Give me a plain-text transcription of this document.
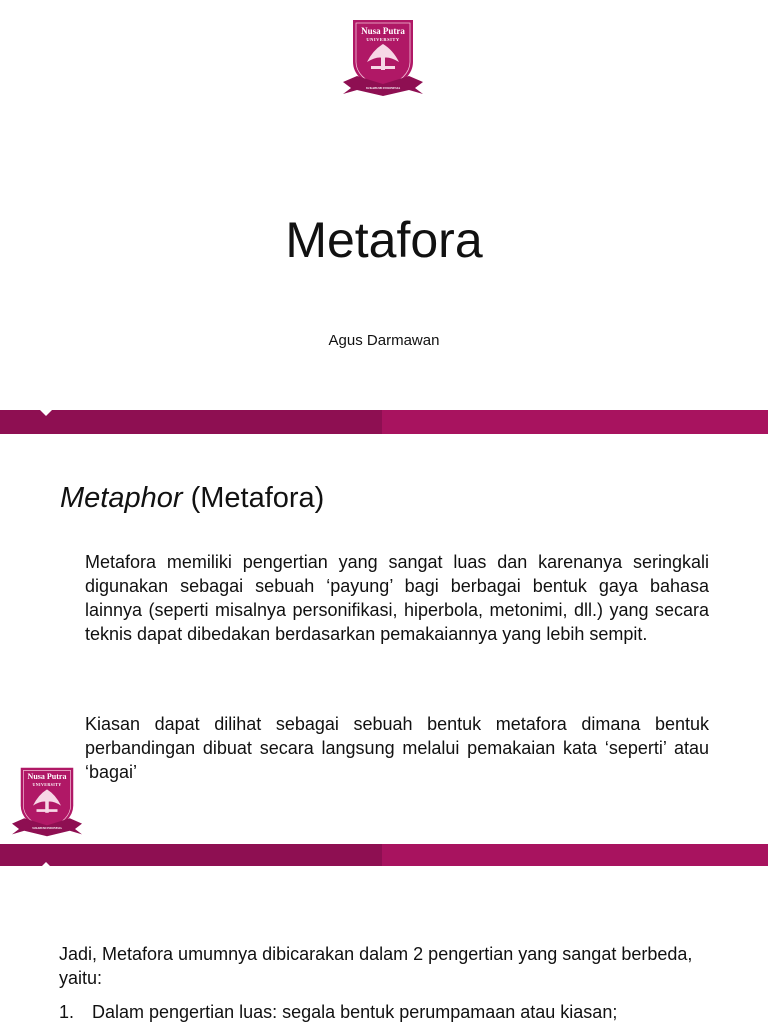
Nusa Putra
UNIVERSITY
SUKABUMI INDONESIA
Metafora
Agus Darmawan
Metaphor (Metafora)
Metafora memiliki pengertian yang sangat luas dan karenanya seringkali digunakan sebagai sebuah ‘payung’ bagi berbagai bentuk gaya bahasa lainnya (seperti misalnya personifikasi, hiperbola, metonimi, dll.) yang secara teknis dapat dibedakan berdasarkan pemakaiannya yang lebih sempit.
Kiasan dapat dilihat sebagai sebuah bentuk metafora dimana bentuk perbandingan dibuat secara langsung melalui pemakaian kata ‘seperti’ atau ‘bagai’
Nusa Putra
UNIVERSITY
SUKABUMI INDONESIA
Jadi, Metafora umumnya dibicarakan dalam 2 pengertian yang sangat berbeda, yaitu:
1. Dalam pengertian luas: segala bentuk perumpamaan atau kiasan;
